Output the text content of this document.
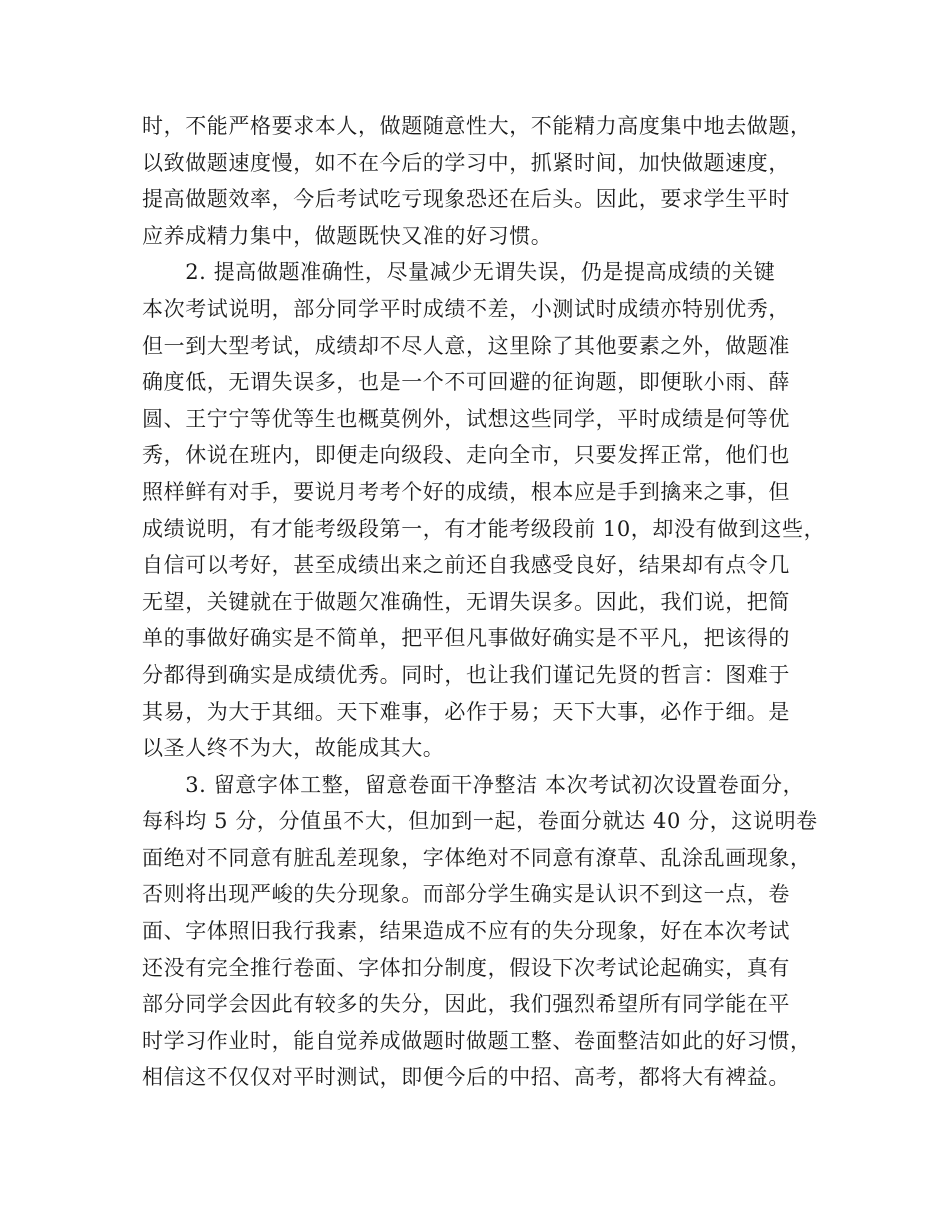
时，不能严格要求本人，做题随意性大，不能精力高度集中地去做题，
以致做题速度慢，如不在今后的学习中，抓紧时间，加快做题速度，
提高做题效率，今后考试吃亏现象恐还在后头。因此，要求学生平时
应养成精力集中，做题既快又准的好习惯。
　　2. 提高做题准确性，尽量减少无谓失误，仍是提高成绩的关键
本次考试说明，部分同学平时成绩不差，小测试时成绩亦特别优秀，
但一到大型考试，成绩却不尽人意，这里除了其他要素之外，做题准
确度低，无谓失误多，也是一个不可回避的征询题，即便耿小雨、薛
圆、王宁宁等优等生也概莫例外，试想这些同学，平时成绩是何等优
秀，休说在班内，即便走向级段、走向全市，只要发挥正常，他们也
照样鲜有对手，要说月考考个好的成绩，根本应是手到擒来之事，但
成绩说明，有才能考级段第一，有才能考级段前 10，却没有做到这些，
自信可以考好，甚至成绩出来之前还自我感受良好，结果却有点令几
无望，关键就在于做题欠准确性，无谓失误多。因此，我们说，把简
单的事做好确实是不简单，把平但凡事做好确实是不平凡，把该得的
分都得到确实是成绩优秀。同时，也让我们谨记先贤的哲言：图难于
其易，为大于其细。天下难事，必作于易；天下大事，必作于细。是
以圣人终不为大，故能成其大。
　　3. 留意字体工整，留意卷面干净整洁 本次考试初次设置卷面分，
每科均 5 分，分值虽不大，但加到一起，卷面分就达 40 分，这说明卷
面绝对不同意有脏乱差现象，字体绝对不同意有潦草、乱涂乱画现象，
否则将出现严峻的失分现象。而部分学生确实是认识不到这一点，卷
面、字体照旧我行我素，结果造成不应有的失分现象，好在本次考试
还没有完全推行卷面、字体扣分制度，假设下次考试论起确实，真有
部分同学会因此有较多的失分，因此，我们强烈希望所有同学能在平
时学习作业时，能自觉养成做题时做题工整、卷面整洁如此的好习惯，
相信这不仅仅对平时测试，即便今后的中招、高考，都将大有裨益。
